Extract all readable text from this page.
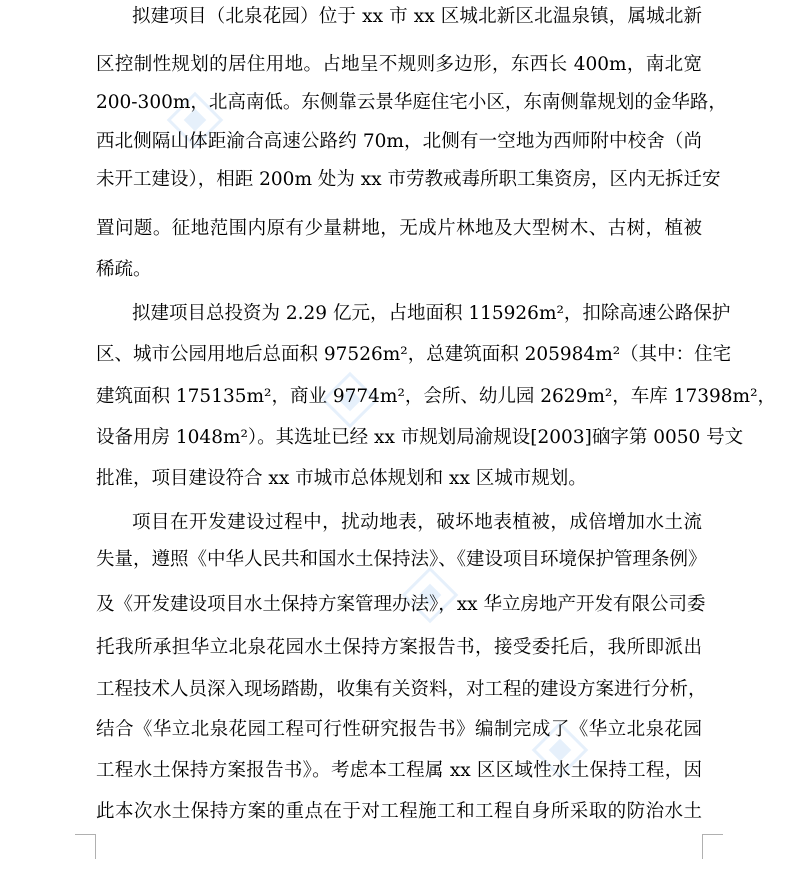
拟建项目（北泉花园）位于 xx 市 xx 区城北新区北温泉镇，属城北新
区控制性规划的居住用地。占地呈不规则多边形，东西长 400m，南北宽
200-300m，北高南低。东侧靠云景华庭住宅小区，东南侧靠规划的金华路，
西北侧隔山体距渝合高速公路约 70m，北侧有一空地为西师附中校舍（尚
未开工建设），相距 200m 处为 xx 市劳教戒毒所职工集资房，区内无拆迁安
置问题。征地范围内原有少量耕地，无成片林地及大型树木、古树，植被
稀疏。
拟建项目总投资为 2.29 亿元，占地面积 115926m²，扣除高速公路保护
区、城市公园用地后总面积 97526m²，总建筑面积 205984m²（其中：住宅
建筑面积 175135m²，商业 9774m²，会所、幼儿园 2629m²，车库 17398m²，
设备用房 1048m²）。其选址已经 xx 市规划局渝规设[2003]硇字第 0050 号文
批准，项目建设符合 xx 市城市总体规划和 xx 区城市规划。
项目在开发建设过程中，扰动地表，破坏地表植被，成倍增加水土流
失量，遵照《中华人民共和国水土保持法》、《建设项目环境保护管理条例》
及《开发建设项目水土保持方案管理办法》，xx 华立房地产开发有限公司委
托我所承担华立北泉花园水土保持方案报告书，接受委托后，我所即派出
工程技术人员深入现场踏勘，收集有关资料，对工程的建设方案进行分析，
结合《华立北泉花园工程可行性研究报告书》编制完成了《华立北泉花园
工程水土保持方案报告书》。考虑本工程属 xx 区区域性水土保持工程，因
此本次水土保持方案的重点在于对工程施工和工程自身所采取的防治水土
